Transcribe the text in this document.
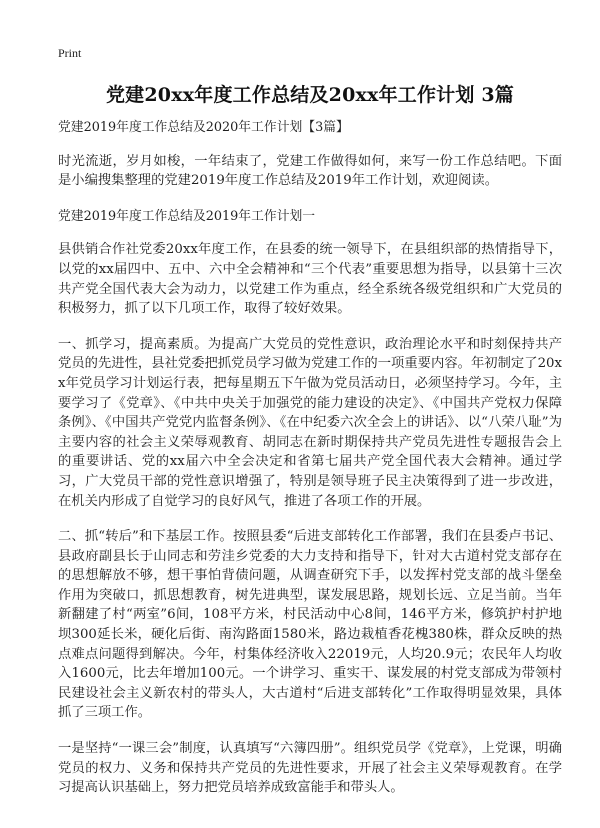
Print
党建20xx年度工作总结及20xx年工作计划 3篇

党建2019年度工作总结及2020年工作计划【3篇】

时光流逝，岁月如梭，一年结束了，党建工作做得如何，来写一份工作总结吧。下面是小编搜集整理的党建2019年度工作总结及2019年工作计划，欢迎阅读。

党建2019年度工作总结及2019年工作计划一

县供销合作社党委20xx年度工作，在县委的统一领导下，在县组织部的热情指导下，以党的xx届四中、五中、六中全会精神和“三个代表”重要思想为指导，以县第十三次共产党全国代表大会为动力，以党建工作为重点，经全系统各级党组织和广大党员的积极努力，抓了以下几项工作，取得了较好效果。

一、抓学习，提高素质。为提高广大党员的党性意识，政治理论水平和时刻保持共产党员的先进性，县社党委把抓党员学习做为党建工作的一项重要内容。年初制定了20xx年党员学习计划运行表，把每星期五下午做为党员活动日，必须坚持学习。今年，主要学习了《党章》、《中共中央关于加强党的能力建设的决定》、《中国共产党权力保障条例》、《中国共产党党内监督条例》、《在中纪委六次全会上的讲话》、以“八荣八耻”为主要内容的社会主义荣辱观教育、胡同志在新时期保持共产党员先进性专题报告会上的重要讲话、党的xx届六中全会决定和省第七届共产党全国代表大会精神。通过学习，广大党员干部的党性意识增强了，特别是领导班子民主决策得到了进一步改进，在机关内形成了自觉学习的良好风气，推进了各项工作的开展。

二、抓“转后”和下基层工作。按照县委“后进支部转化工作部署，我们在县委卢书记、县政府副县长于山同志和劳洼乡党委的大力支持和指导下，针对大古道村党支部存在的思想解放不够，想干事怕背债问题，从调查研究下手，以发挥村党支部的战斗堡垒作用为突破口，抓思想教育，树先进典型，谋发展思路，规划长远、立足当前。当年新翻建了村“两室”6间，108平方米，村民活动中心8间，146平方米，修筑护村护地坝300延长米，硬化后街、南沟路面1580米，路边栽植香花槐380株，群众反映的热点难点问题得到解决。今年，村集体经济收入22019元，人均20.9元；农民年人均收入1600元，比去年增加100元。一个讲学习、重实干、谋发展的村党支部成为带领村民建设社会主义新农村的带头人，大古道村“后进支部转化”工作取得明显效果，具体抓了三项工作。

一是坚持“一课三会”制度，认真填写“六簿四册”。组织党员学《党章》，上党课，明确党员的权力、义务和保持共产党员的先进性要求，开展了社会主义荣辱观教育。在学习提高认识基础上，努力把党员培养成致富能手和带头人。
